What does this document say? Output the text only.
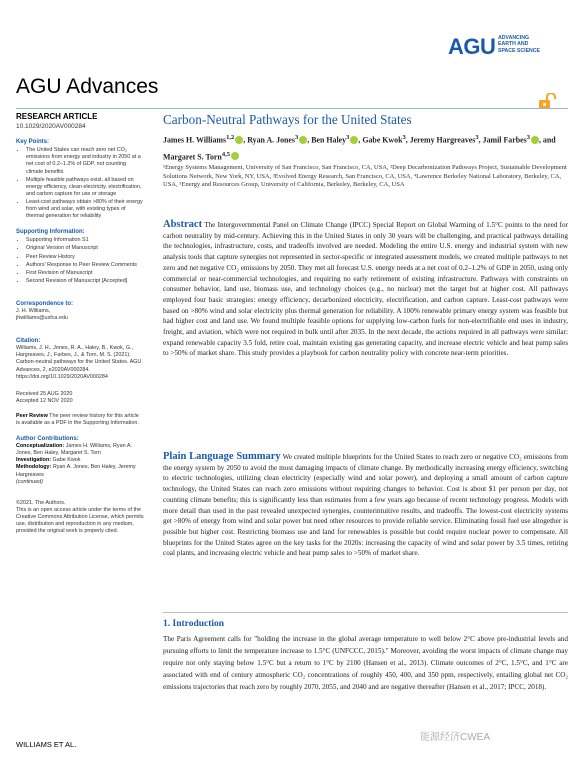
AGU ADVANCING
EARTH AND
SPACE SCIENCE
AGU Advances
RESEARCH ARTICLE
10.1029/2020AV000284
Key Points:
• The United States can reach zero net CO₂ emissions from energy and industry in 2050 at a net cost of 0.2–1.2% of GDP, not counting climate benefits
• Multiple feasible pathways exist, all based on energy efficiency, clean electricity, electrification, and carbon capture for use or storage
• Least-cost pathways obtain >80% of their energy from wind and solar, with existing types of thermal generation for reliability
Supporting Information:
• Supporting Information S1
• Original Version of Manuscript
• Peer Review History
• Authors' Response to Peer Review Comments
• First Revision of Manuscript
• Second Revision of Manuscript [Accepted]
Correspondence to:
J. H. Williams,
jhwilliams@usfca.edu
Citation:
Williams, J. H., Jones, R. A., Haley, B., Kwok, G., Hargreaves, J., Farbes, J., & Torn, M. S. (2021). Carbon-neutral pathways for the United States. AGU Advances, 2, e2020AV000284. https://doi.org/10.1029/2020AV000284
Received 25 AUG 2020
Accepted 12 NOV 2020
Peer Review The peer review history for this article is available as a PDF in the Supporting Information.
Author Contributions:
Conceptualization: James H. Williams, Ryan A. Jones, Ben Haley, Margaret S. Torn
Investigation: Gabe Kwok
Methodology: Ryan A. Jones, Ben Haley, Jeremy Hargreaves
(continued)
©2021. The Authors.
This is an open access article under the terms of the Creative Commons Attribution License, which permits use, distribution and reproduction in any medium, provided the original work is properly cited.
Carbon-Neutral Pathways for the United States
James H. Williams$^{1,2}$ , Ryan A. Jones$^3$ , Ben Haley$^3$ , Gabe Kwok$^3$, Jeremy Hargreaves$^3$, Jamil Farbes$^3$ , and Margaret S. Torn$^{4,5}$
¹Energy Systems Management, University of San Francisco, San Francisco, CA, USA, ²Deep Decarbonization Pathways Project, Sustainable Development Solutions Network, New York, NY, USA, ³Evolved Energy Research, San Francisco, CA, USA, ⁴Lawrence Berkeley National Laboratory, Berkeley, CA, USA, ⁵Energy and Resources Group, University of California, Berkeley, Berkeley, CA, USA
Abstract The Intergovernmental Panel on Climate Change (IPCC) Special Report on Global Warming of 1.5°C points to the need for carbon neutrality by mid-century. Achieving this in the United States in only 30 years will be challenging, and practical pathways detailing the technologies, infrastructure, costs, and tradeoffs involved are needed. Modeling the entire U.S. energy and industrial system with new analysis tools that capture synergies not represented in sector-specific or integrated assessment models, we created multiple pathways to net zero and net negative CO₂ emissions by 2050. They met all forecast U.S. energy needs at a net cost of 0.2–1.2% of GDP in 2050, using only commercial or near-commercial technologies, and requiring no early retirement of existing infrastructure. Pathways with constraints on consumer behavior, land use, biomass use, and technology choices (e.g., no nuclear) met the target but at higher cost. All pathways employed four basic strategies: energy efficiency, decarbonized electricity, electrification, and carbon capture. Least-cost pathways were based on >80% wind and solar electricity plus thermal generation for reliability. A 100% renewable primary energy system was feasible but had higher cost and land use. We found multiple feasible options for supplying low-carbon fuels for non-electrifiable end uses in industry, freight, and aviation, which were not required in bulk until after 2035. In the next decade, the actions required in all pathways were similar: expand renewable capacity 3.5 fold, retire coal, maintain existing gas generating capacity, and increase electric vehicle and heat pump sales to >50% of market share. This study provides a playbook for carbon neutrality policy with concrete near-term priorities.
Plain Language Summary We created multiple blueprints for the United States to reach zero or negative CO₂ emissions from the energy system by 2050 to avoid the most damaging impacts of climate change. By methodically increasing energy efficiency, switching to electric technologies, utilizing clean electricity (especially wind and solar power), and deploying a small amount of carbon capture technology, the United States can reach zero emissions without requiring changes to behavior. Cost is about $1 per person per day, not counting climate benefits; this is significantly less than estimates from a few years ago because of recent technology progress. Models with more detail than used in the past revealed unexpected synergies, counterintuitive results, and tradeoffs. The lowest-cost electricity systems get >80% of energy from wind and solar power but need other resources to provide reliable service. Eliminating fossil fuel use altogether is possible but higher cost. Restricting biomass use and land for renewables is possible but could require nuclear power to compensate. All blueprints for the United States agree on the key tasks for the 2020s: increasing the capacity of wind and solar power by 3.5 times, retiring coal plants, and increasing electric vehicle and heat pump sales to >50% of market share.
1. Introduction
The Paris Agreement calls for "holding the increase in the global average temperature to well below 2°C above pre-industrial levels and pursuing efforts to limit the temperature increase to 1.5°C (UNFCCC, 2015)." Moreover, avoiding the worst impacts of climate change may require not only staying below 1.5°C but a return to 1°C by 2100 (Hansen et al., 2013). Climate outcomes of 2°C, 1.5°C, and 1°C are associated with end of century atmospheric CO₂ concentrations of roughly 450, 400, and 350 ppm, respectively, entailing global net CO₂ emissions trajectories that reach zero by roughly 2070, 2055, and 2040 and are negative thereafter (Hansen et al., 2017; IPCC, 2018).
WILLIAMS ET AL.
能源经济CWEA
